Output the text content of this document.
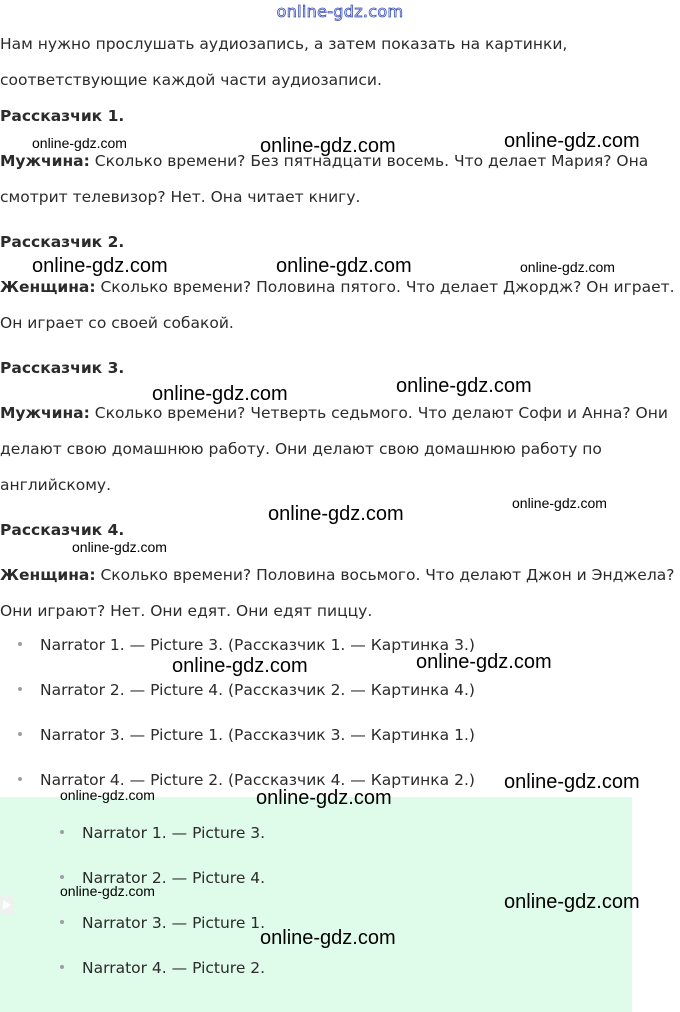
online-gdz.com
Нам нужно прослушать аудиозапись, а затем показать на картинки,
соответствующие каждой части аудиозаписи.
Рассказчик 1.
Мужчина: Сколько времени? Без пятнадцати восемь. Что делает Мария? Она
смотрит телевизор? Нет. Она читает книгу.
Рассказчик 2.
Женщина: Сколько времени? Половина пятого. Что делает Джордж? Он играет.
Он играет со своей собакой.
Рассказчик 3.
Мужчина: Сколько времени? Четверть седьмого. Что делают Софи и Анна? Они
делают свою домашнюю работу. Они делают свою домашнюю работу по
английскому.
Рассказчик 4.
Женщина: Сколько времени? Половина восьмого. Что делают Джон и Энджела?
Они играют? Нет. Они едят. Они едят пиццу.
Narrator 1. — Picture 3. (Рассказчик 1. — Картинка 3.)
Narrator 2. — Picture 4. (Рассказчик 2. — Картинка 4.)
Narrator 3. — Picture 1. (Рассказчик 3. — Картинка 1.)
Narrator 4. — Picture 2. (Рассказчик 4. — Картинка 2.)
Narrator 1. — Picture 3.
Narrator 2. — Picture 4.
Narrator 3. — Picture 1.
Narrator 4. — Picture 2.
online-gdz.com	online-gdz.com	online-gdz.com
online-gdz.com	online-gdz.com	online-gdz.com
online-gdz.com	online-gdz.com
online-gdz.com
online-gdz.com
online-gdz.com
online-gdz.com	online-gdz.com
online-gdz.com
online-gdz.com	online-gdz.com
online-gdz.com	online-gdz.com
online-gdz.com
